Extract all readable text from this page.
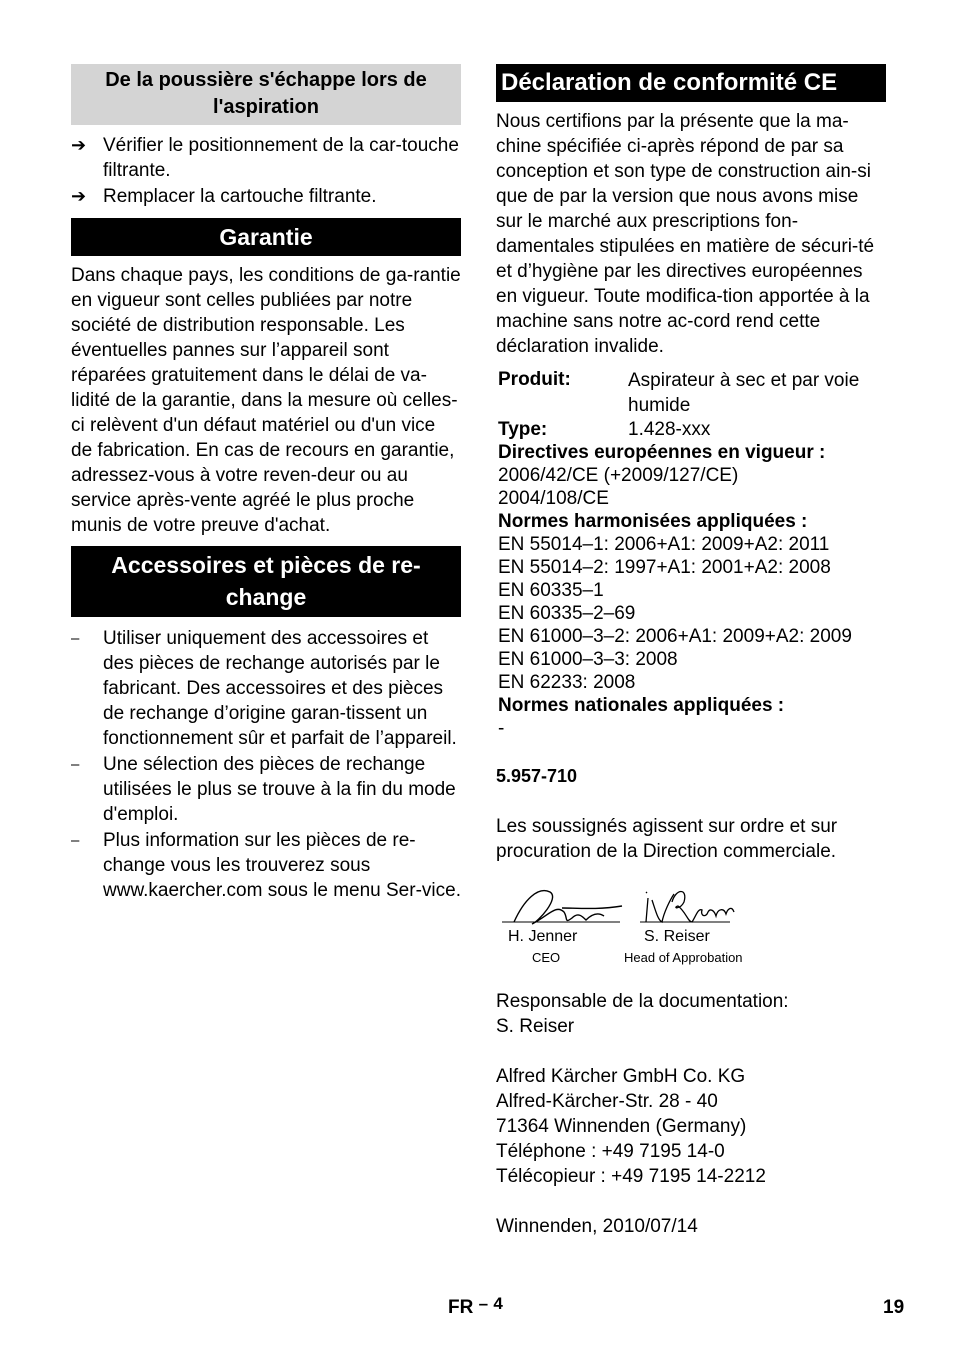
De la poussière s'échappe lors de l'aspiration
➔ Vérifier le positionnement de la car-touche filtrante.
➔ Remplacer la cartouche filtrante.
Garantie
Dans chaque pays, les conditions de ga-rantie en vigueur sont celles publiées par notre société de distribution responsable. Les éventuelles pannes sur l’appareil sont réparées gratuitement dans le délai de va-lidité de la garantie, dans la mesure où celles-ci relèvent d'un défaut matériel ou d'un vice de fabrication. En cas de recours en garantie, adressez-vous à votre reven-deur ou au service après-vente agréé le plus proche munis de votre preuve d'achat.
Accessoires et pièces de re-change
–	Utiliser uniquement des accessoires et des pièces de rechange autorisés par le fabricant. Des accessoires et des pièces de rechange d’origine garan-tissent un fonctionnement sûr et parfait de l’appareil.
–	Une sélection des pièces de rechange utilisées le plus se trouve à la fin du mode d'emploi.
–	Plus information sur les pièces de re-change vous les trouverez sous www.kaercher.com sous le menu Ser-vice.
Déclaration de conformité CE
Nous certifions par la présente que la ma-chine spécifiée ci-après répond de par sa conception et son type de construction ain-si que de par la version que nous avons mise sur le marché aux prescriptions fon-damentales stipulées en matière de sécuri-té et d’hygiène par les directives européennes en vigueur. Toute modifica-tion apportée à la machine sans notre ac-cord rend cette déclaration invalide.
Produit:	Aspirateur à sec et par voie humide
Type:	1.428-xxx
Directives européennes en vigueur :
2006/42/CE (+2009/127/CE)
2004/108/CE
Normes harmonisées appliquées :
EN 55014–1: 2006+A1: 2009+A2: 2011
EN 55014–2: 1997+A1: 2001+A2: 2008
EN 60335–1
EN 60335–2–69
EN 61000–3–2: 2006+A1: 2009+A2: 2009
EN 61000–3–3: 2008
EN 62233: 2008
Normes nationales appliquées :
-
5.957-710
Les soussignés agissent sur ordre et sur procuration de la Direction commerciale.
H. Jenner
CEO
S. Reiser
Head of Approbation
Responsable de la documentation:
S. Reiser
Alfred Kärcher GmbH Co. KG
Alfred-Kärcher-Str. 28 - 40
71364 Winnenden (Germany)
Téléphone : +49 7195 14-0
Télécopieur : +49 7195 14-2212
Winnenden, 2010/07/14
FR – 4	19
